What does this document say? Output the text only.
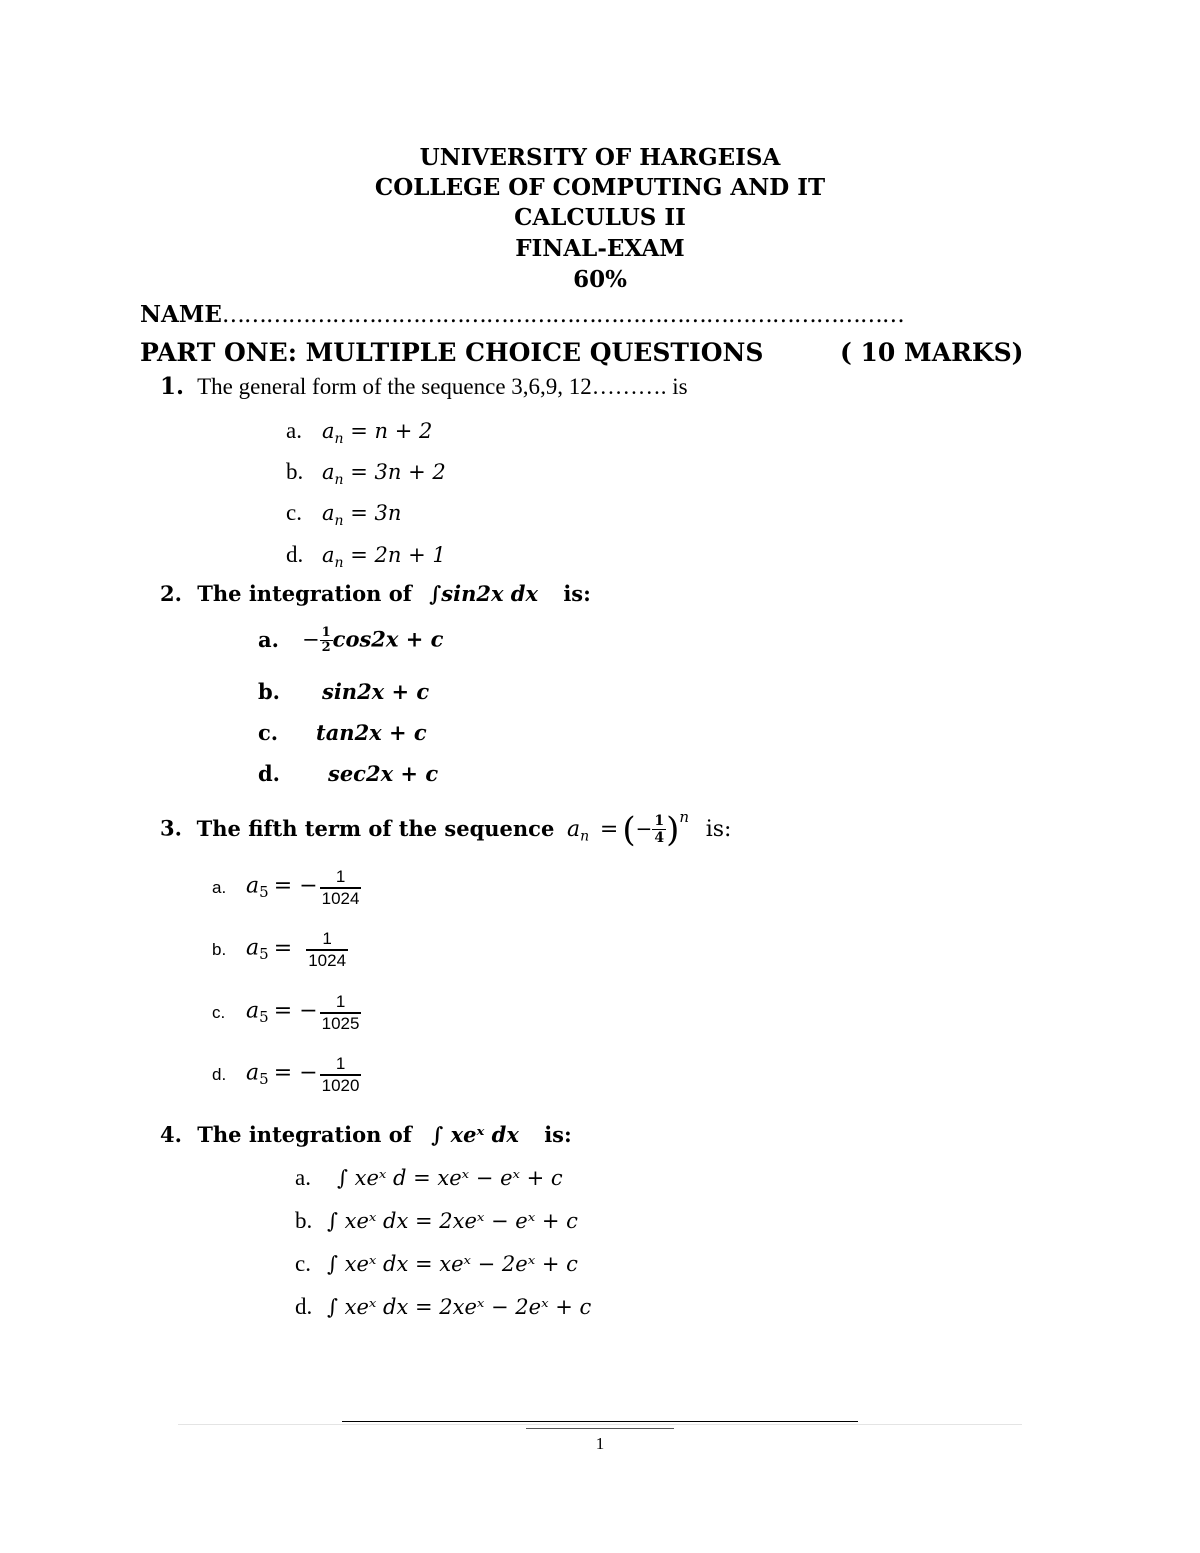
UNIVERSITY OF HARGEISA
COLLEGE OF COMPUTING AND IT
CALCULUS II
FINAL-EXAM
60%
NAME…………………………………………………………………………………
PART ONE: MULTIPLE CHOICE QUESTIONS	( 10 MARKS)
1. The general form of the sequence 3,6,9, 12………. is
a. $a_n = n + 2$
b. $a_n = 3n + 2$
c. $a_n = 3n$
d. $a_n = 2n + 1$
2. The integration of ∫sin2x dx is:
a. − $\frac{1}{2} \cos 2x + c$
b. sin2x + c
c. tan2x + c
d. sec2x + c
3. The fifth term of the sequence $a_n$ = (− $\frac{1}{4} )^n$ is:
a. $a_5$ = − $\frac{1}{1024}$
b. $a_5 = \frac{1}{1024}$
c. $a_5$ = − $\frac{1}{1025}$
d. $a_5$ = − $\frac{1}{1020}$
4. The integration of ∫ xeˣ dx is:
a. ∫ xeˣ d = xeˣ − eˣ + c
b. ∫ xeˣ dx = 2xeˣ − eˣ + c
c. ∫ xeˣ dx = xeˣ − 2eˣ + c
d. ∫ xeˣ dx = 2xeˣ − 2eˣ + c
1
